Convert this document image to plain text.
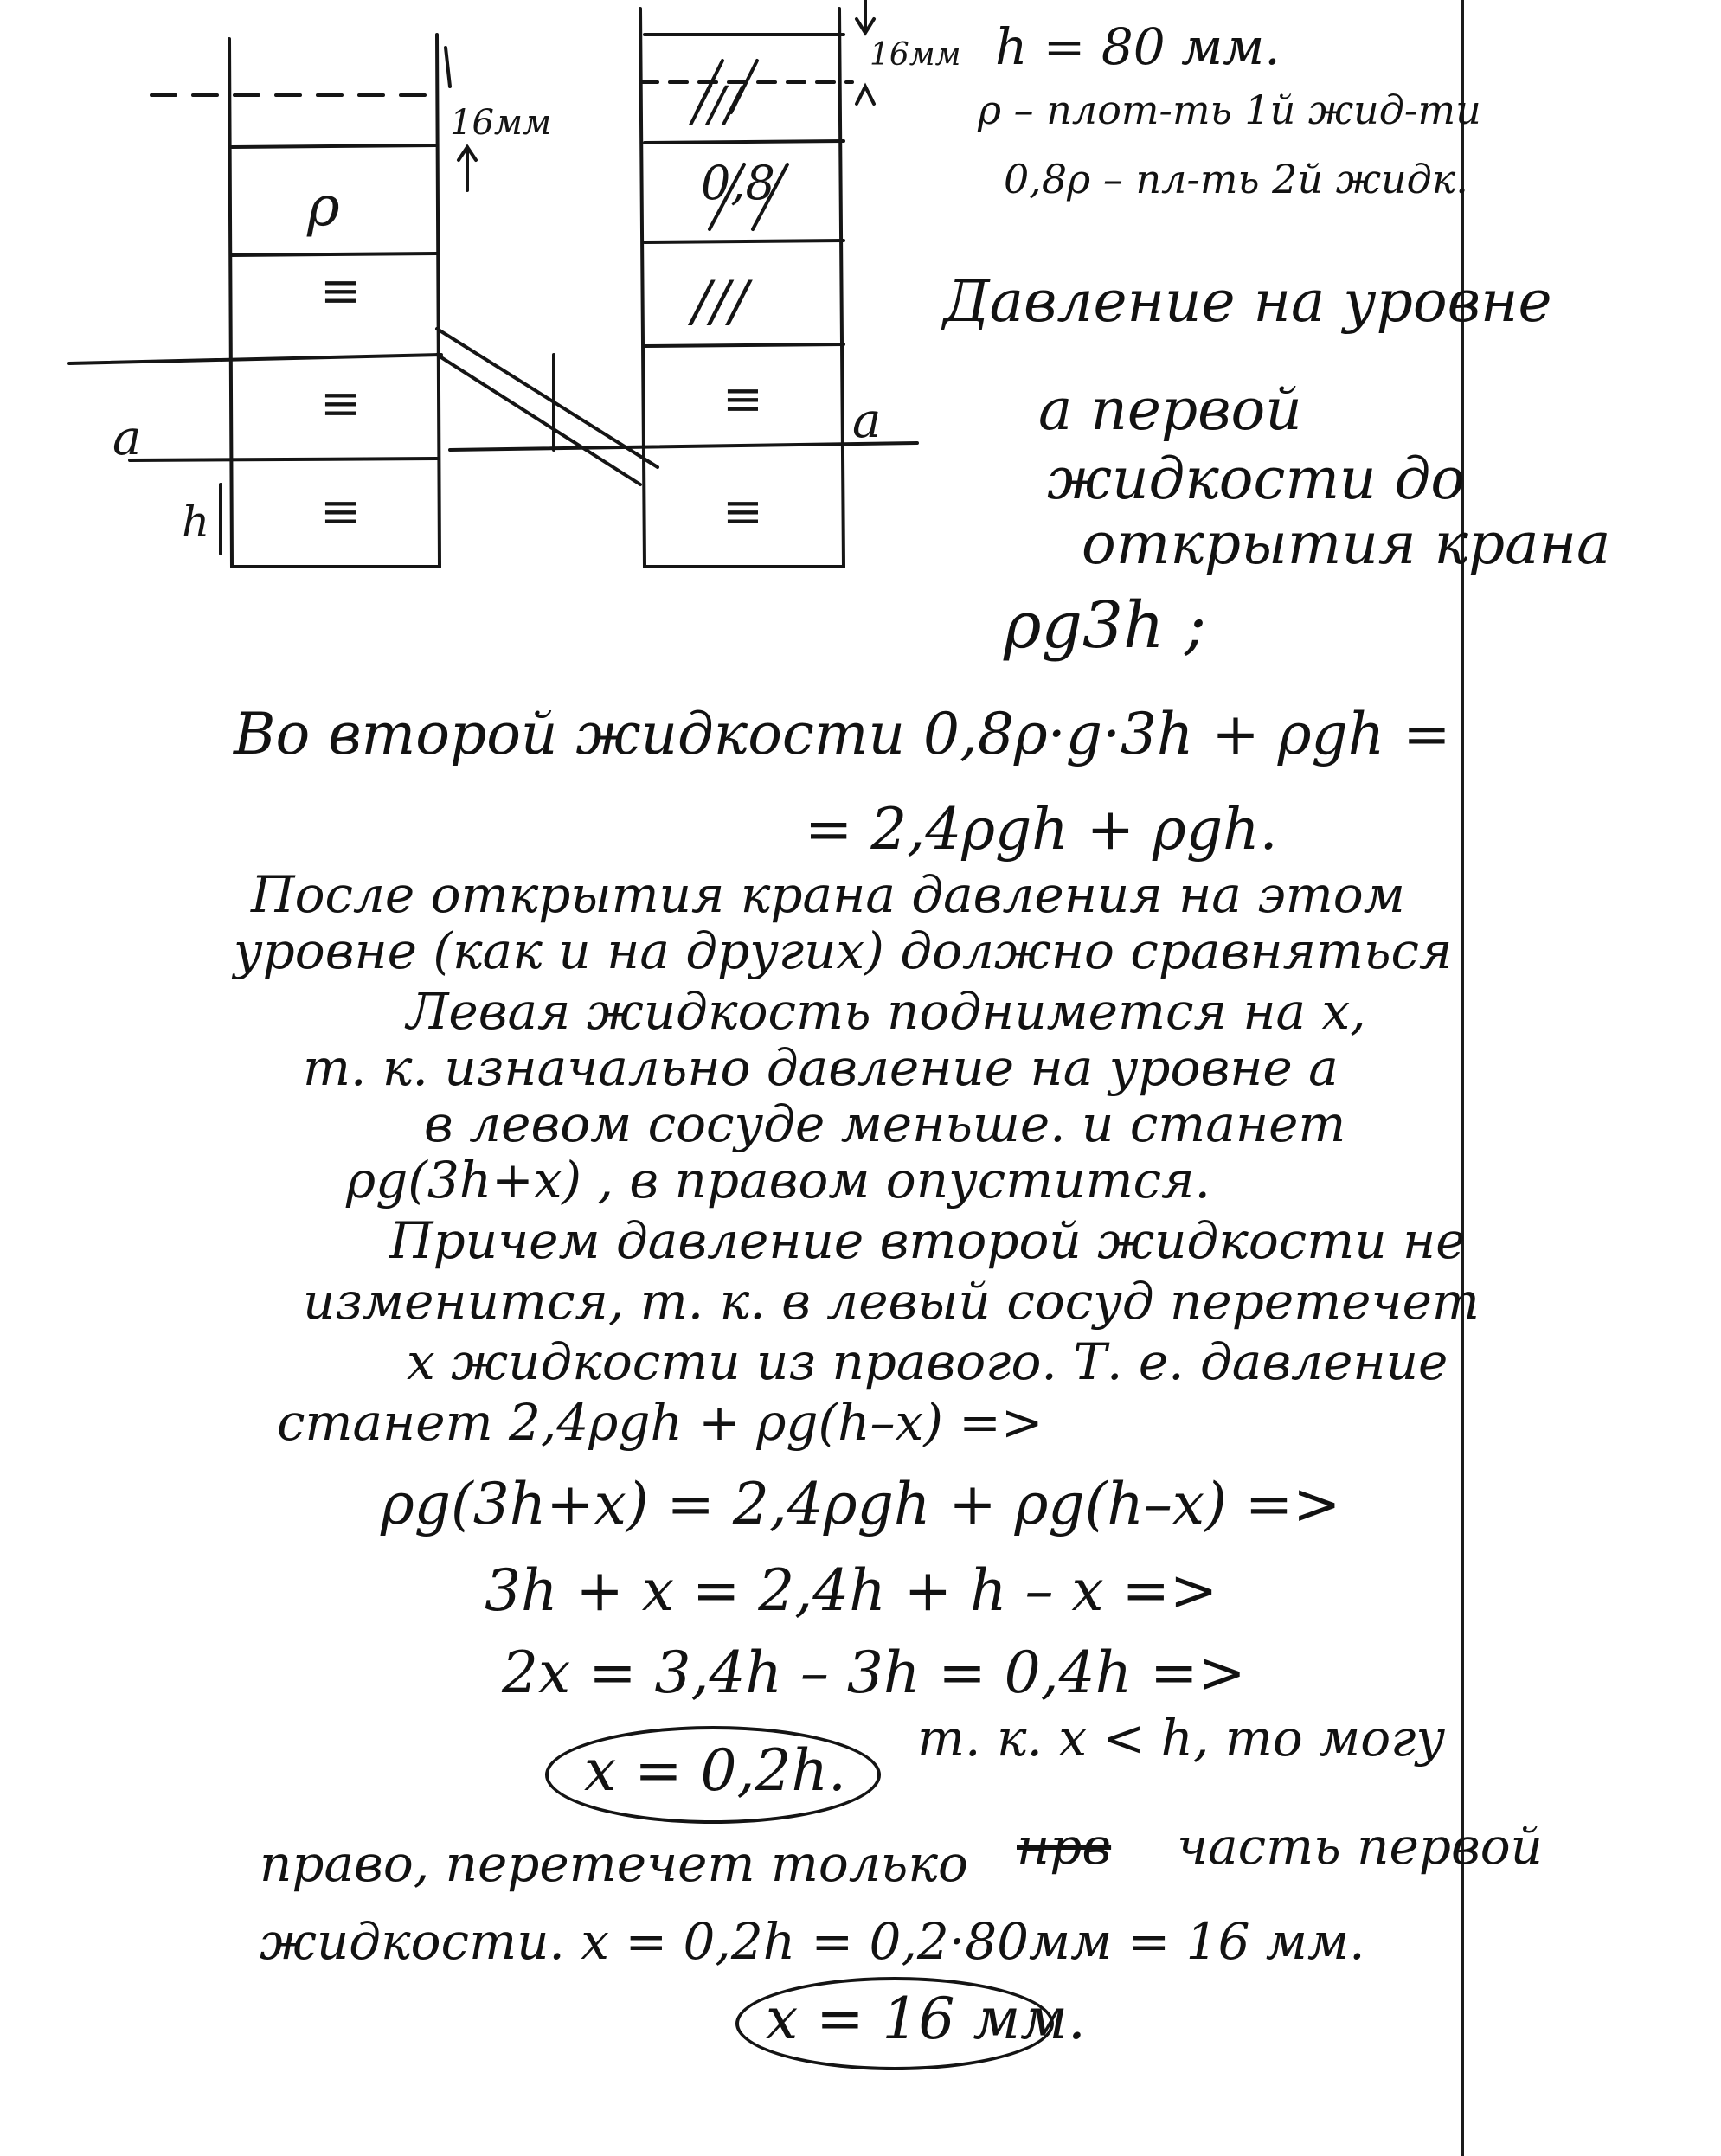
ρ
≡
≡
≡
///
0,8
///
≡
≡
16мм
16мм
a	a
h
h = 80 мм.
ρ – плот-ть 1й жид-ти
0,8ρ – пл-ть 2й жидк.
Давление на уровне
a первой
жидкости до
открытия крана
ρg3h ;
Во второй жидкости 0,8ρ·g·3h + ρgh =
= 2,4ρgh + ρgh.
После открытия крана давления на этом
уровне (как и на других) должно сравняться
Левая жидкость поднимется на x,
т. к. изначально давление на уровне a
в левом сосуде меньше. и станет
ρg(3h+x) , в правом опустится.
Причем давление второй жидкости не
изменится, т. к. в левый сосуд перетечет
x жидкости из правого. Т. е. давление
станет 2,4ρgh + ρg(h–x) =>
ρg(3h+x) = 2,4ρgh + ρg(h–x) =>
3h + x = 2,4h + h – x =>
2x = 3,4h – 3h = 0,4h =>
x = 0,2h. т. к. x < h, то могу
право, перетечет только нрв часть первой
жидкости. x = 0,2h = 0,2·80мм = 16 мм.
x = 16 мм.
